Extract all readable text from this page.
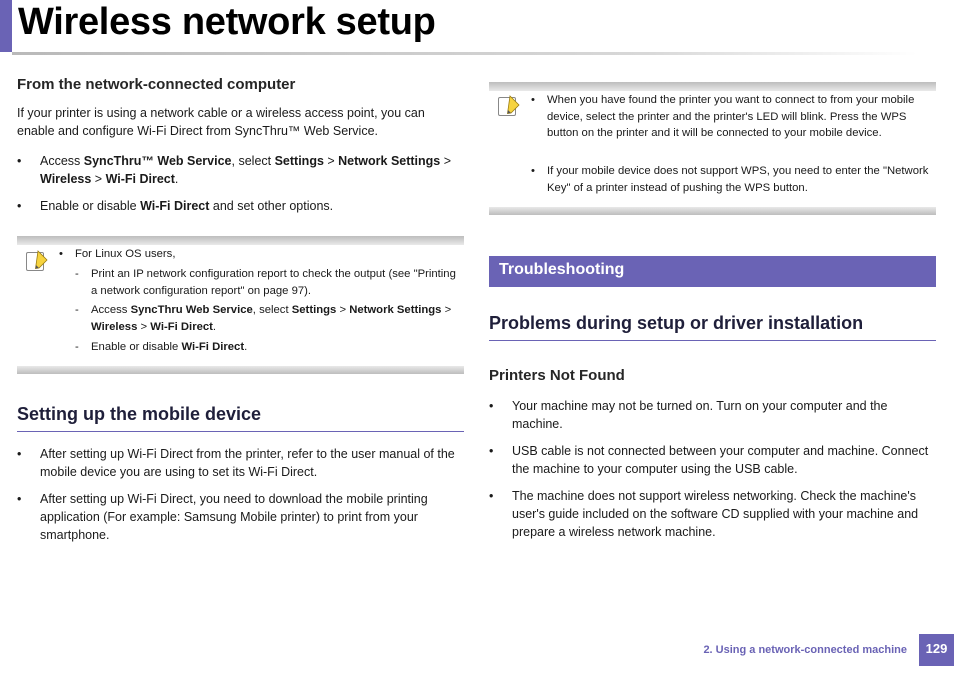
Wireless network setup
From the network-connected computer

If your printer is using a network cable or a wireless access point, you can enable and configure Wi-Fi Direct from SyncThru™ Web Service.

• Access SyncThru™ Web Service, select Settings > Network Settings > Wireless > Wi-Fi Direct.
• Enable or disable Wi-Fi Direct and set other options.
• For Linux OS users,
- Print an IP network configuration report to check the output (see "Printing a network configuration report" on page 97).
- Access SyncThru Web Service, select Settings > Network Settings > Wireless > Wi-Fi Direct.
- Enable or disable Wi-Fi Direct.
Setting up the mobile device
• After setting up Wi-Fi Direct from the printer, refer to the user manual of the mobile device you are using to set its Wi-Fi Direct.
• After setting up Wi-Fi Direct, you need to download the mobile printing application (For example: Samsung Mobile printer) to print from your smartphone.
• When you have found the printer you want to connect to from your mobile device, select the printer and the printer's LED will blink. Press the WPS button on the printer and it will be connected to your mobile device.
• If your mobile device does not support WPS, you need to enter the "Network Key" of a printer instead of pushing the WPS button.
Troubleshooting
Problems during setup or driver installation
Printers Not Found
• Your machine may not be turned on. Turn on your computer and the machine.
• USB cable is not connected between your computer and machine. Connect the machine to your computer using the USB cable.
• The machine does not support wireless networking. Check the machine's user's guide included on the software CD supplied with your machine and prepare a wireless network machine.
2. Using a network-connected machine	129
